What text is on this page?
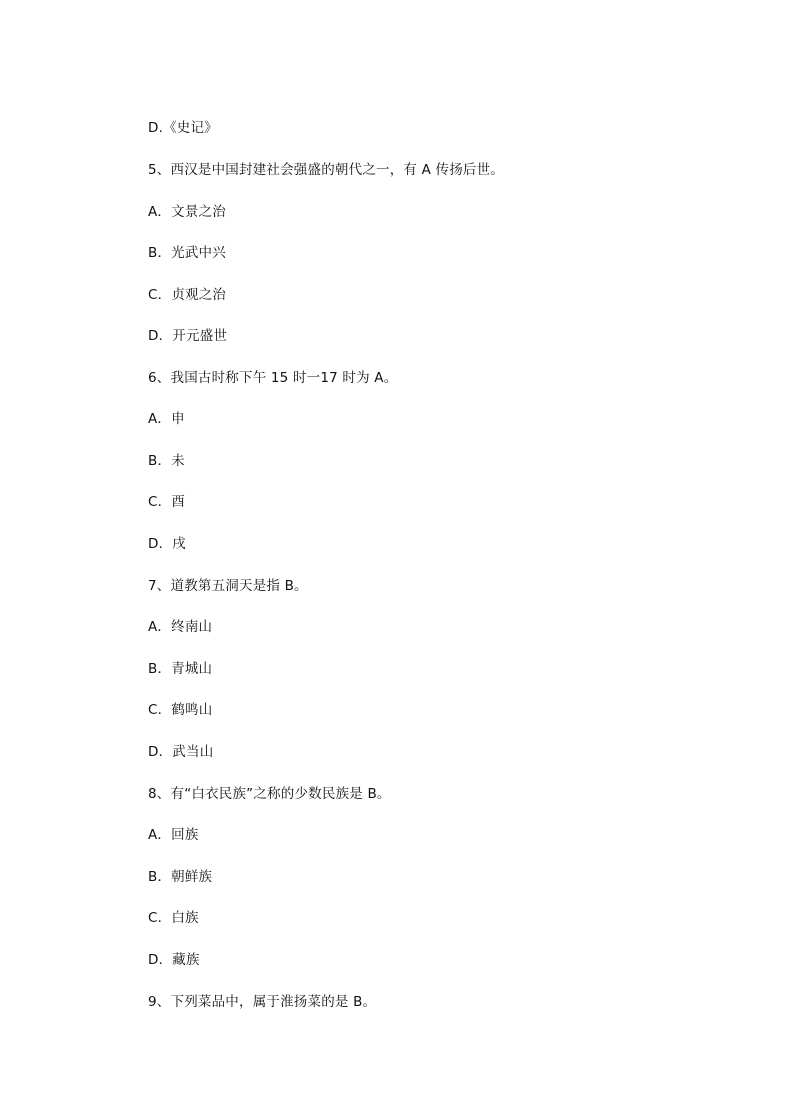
D.《史记》

5、西汉是中国封建社会强盛的朝代之一，有 A 传扬后世。

A．文景之治

B．光武中兴

C．贞观之治

D．开元盛世

6、我国古时称下午 15 时一17 时为 A。

A．申

B．未

C．酉

D．戌

7、道教第五洞天是指 B。

A．终南山

B．青城山

C．鹤鸣山

D．武当山

8、有“白衣民族”之称的少数民族是 B。

A．回族

B．朝鲜族

C．白族

D．藏族

9、下列菜品中，属于淮扬菜的是 B。
